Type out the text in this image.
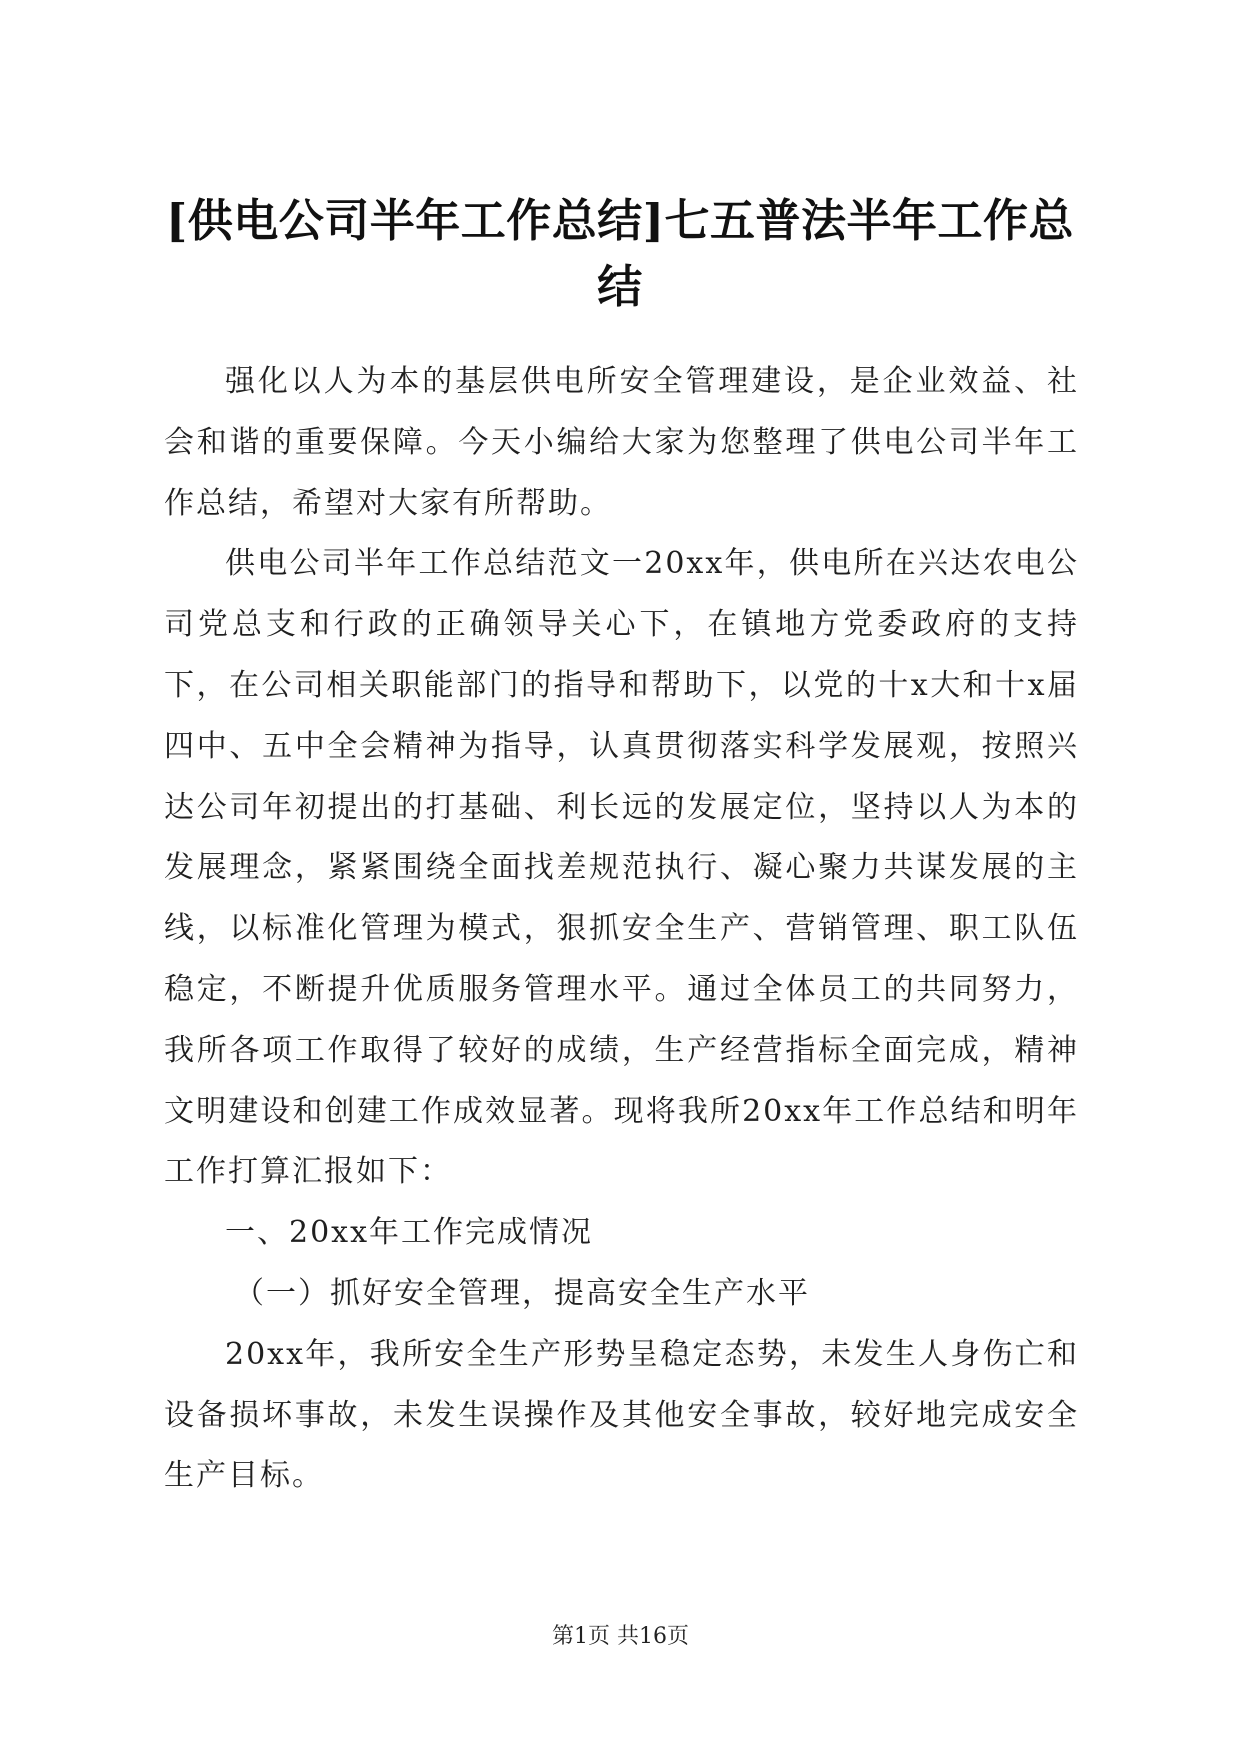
[供电公司半年工作总结]七五普法半年工作总结

强化以人为本的基层供电所安全管理建设，是企业效益、社会和谐的重要保障。今天小编给大家为您整理了供电公司半年工作总结，希望对大家有所帮助。

供电公司半年工作总结范文一20xx年，供电所在兴达农电公司党总支和行政的正确领导关心下，在镇地方党委政府的支持下，在公司相关职能部门的指导和帮助下，以党的十x大和十x届四中、五中全会精神为指导，认真贯彻落实科学发展观，按照兴达公司年初提出的打基础、利长远的发展定位，坚持以人为本的发展理念，紧紧围绕全面找差规范执行、凝心聚力共谋发展的主线，以标准化管理为模式，狠抓安全生产、营销管理、职工队伍稳定，不断提升优质服务管理水平。通过全体员工的共同努力，我所各项工作取得了较好的成绩，生产经营指标全面完成，精神文明建设和创建工作成效显著。现将我所20xx年工作总结和明年工作打算汇报如下：

一、20xx年工作完成情况

（一）抓好安全管理，提高安全生产水平

20xx年，我所安全生产形势呈稳定态势，未发生人身伤亡和设备损坏事故，未发生误操作及其他安全事故，较好地完成安全生产目标。

第1页 共16页
